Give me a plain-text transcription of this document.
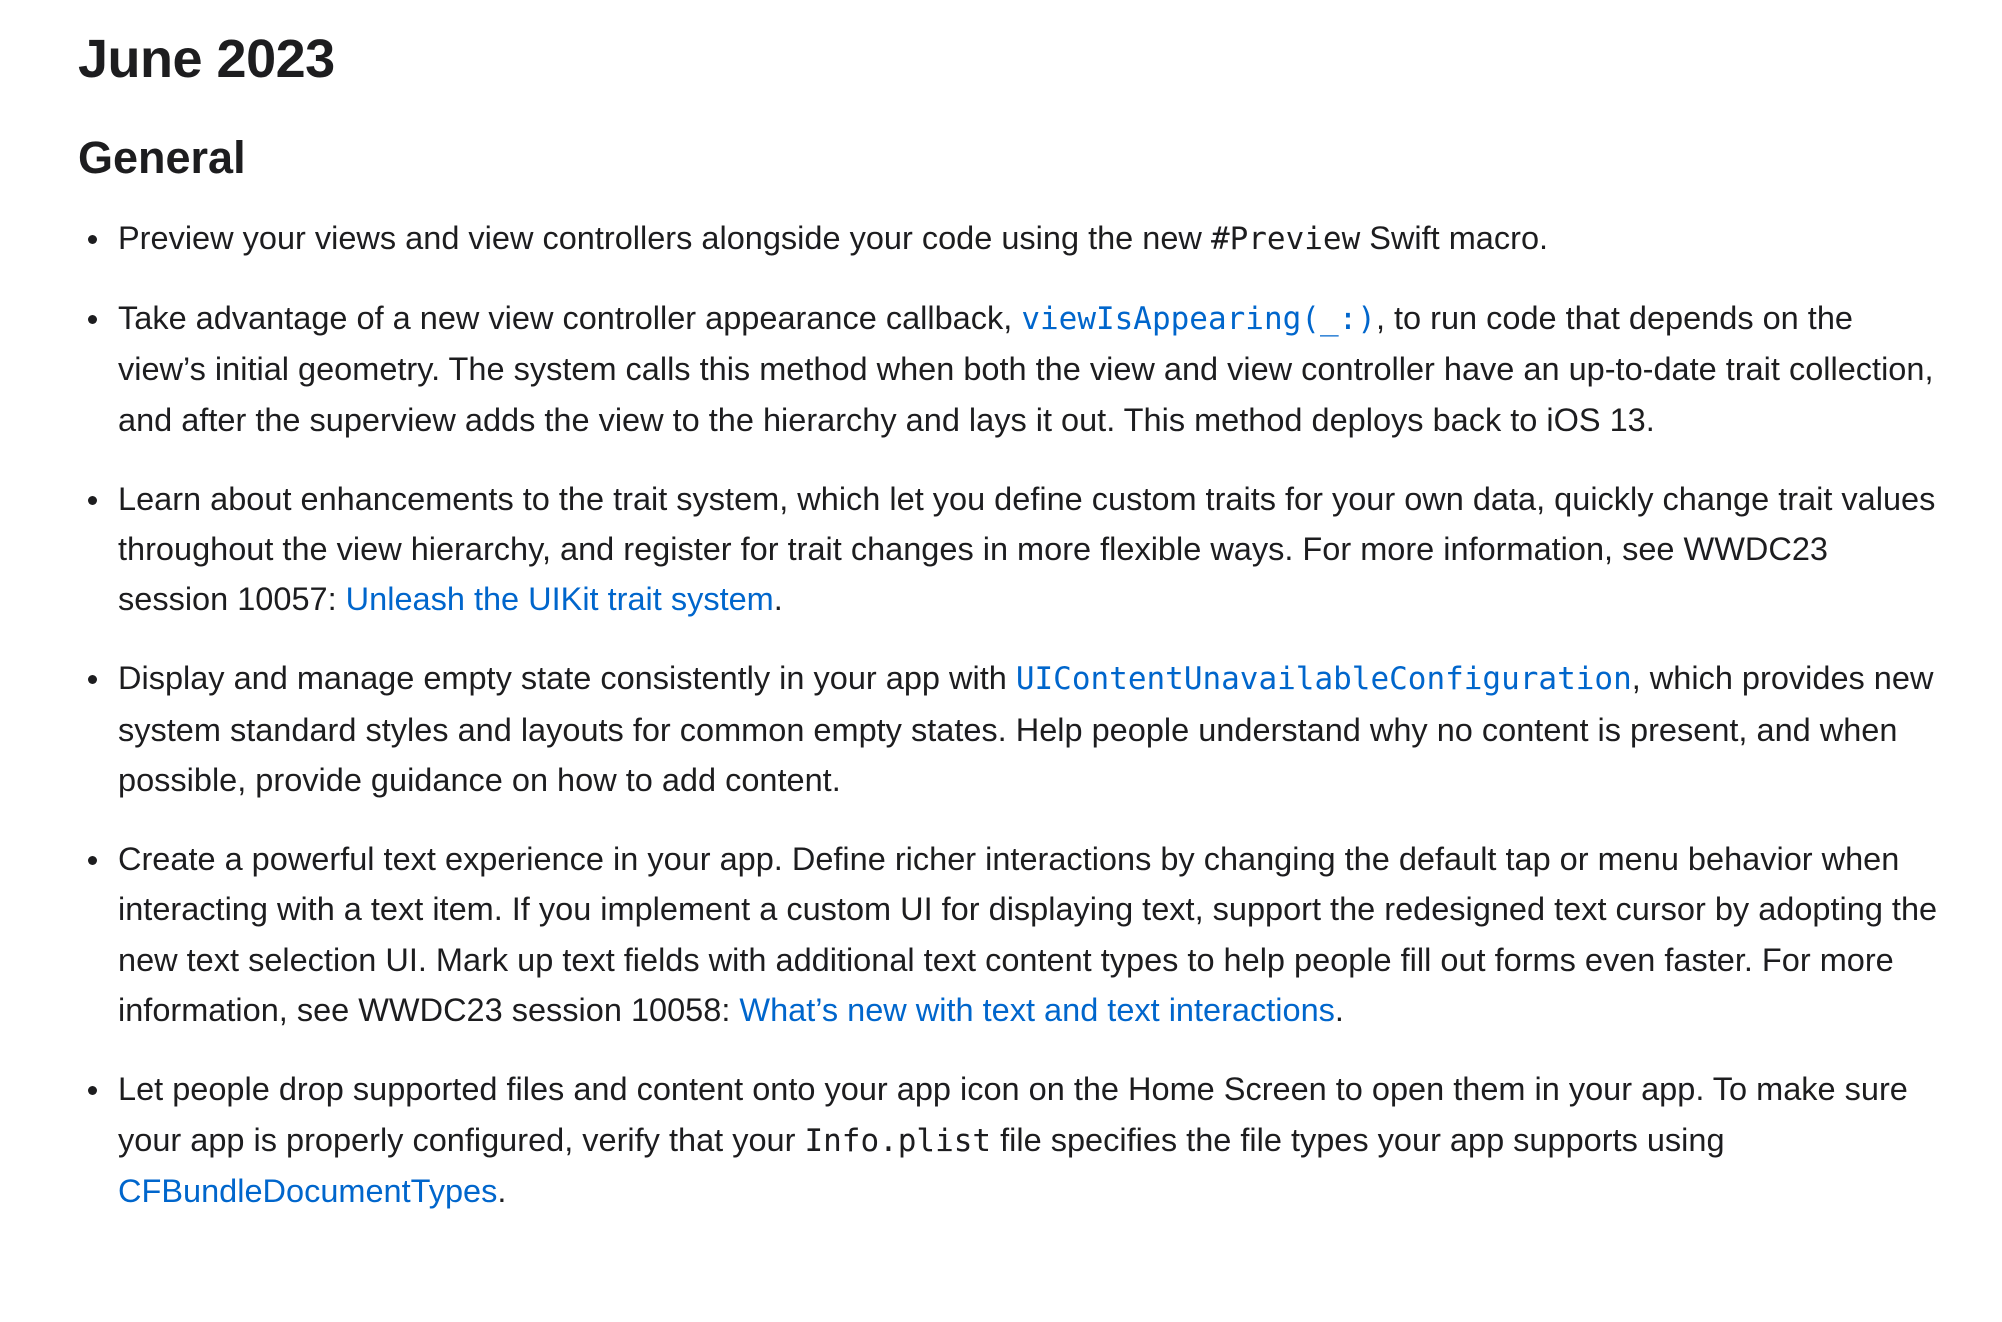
June 2023
General
Preview your views and view controllers alongside your code using the new #Preview Swift macro.
Take advantage of a new view controller appearance callback, viewIsAppearing(_:), to run code that depends on the view’s initial geometry. The system calls this method when both the view and view controller have an up-to-date trait collection, and after the superview adds the view to the hierarchy and lays it out. This method deploys back to iOS 13.
Learn about enhancements to the trait system, which let you define custom traits for your own data, quickly change trait values throughout the view hierarchy, and register for trait changes in more flexible ways. For more information, see WWDC23 session 10057: Unleash the UIKit trait system.
Display and manage empty state consistently in your app with UIContentUnavailableConfiguration, which provides new system standard styles and layouts for common empty states. Help people understand why no content is present, and when possible, provide guidance on how to add content.
Create a powerful text experience in your app. Define richer interactions by changing the default tap or menu behavior when interacting with a text item. If you implement a custom UI for displaying text, support the redesigned text cursor by adopting the new text selection UI. Mark up text fields with additional text content types to help people fill out forms even faster. For more information, see WWDC23 session 10058: What’s new with text and text interactions.
Let people drop supported files and content onto your app icon on the Home Screen to open them in your app. To make sure your app is properly configured, verify that your Info.plist file specifies the file types your app supports using CFBundleDocumentTypes.
